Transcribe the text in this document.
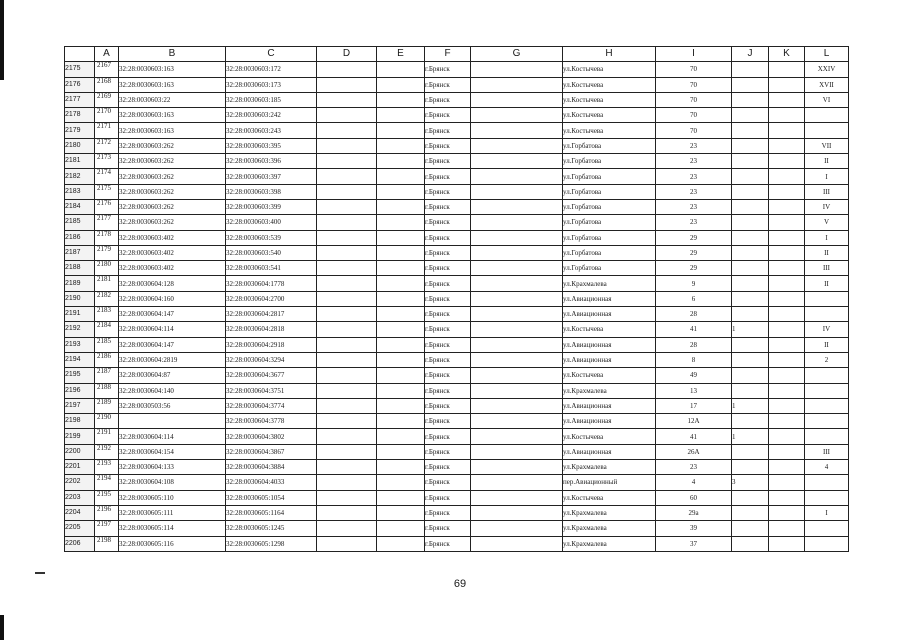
	A	B	C	D	E	F	G	H	I	J	K	L
2175	2167	32:28:0030603:163	32:28:0030603:172			г.Брянск		ул.Костычева	70			XXIV
2176	2168	32:28:0030603:163	32:28:0030603:173			г.Брянск		ул.Костычева	70			XVII
2177	2169	32:28:0030603:22	32:28:0030603:185			г.Брянск		ул.Костычева	70			VI
2178	2170	32:28:0030603:163	32:28:0030603:242			г.Брянск		ул.Костычева	70			
2179	2171	32:28:0030603:163	32:28:0030603:243			г.Брянск		ул.Костычева	70			
2180	2172	32:28:0030603:262	32:28:0030603:395			г.Брянск		ул.Горбатова	23			VII
2181	2173	32:28:0030603:262	32:28:0030603:396			г.Брянск		ул.Горбатова	23			II
2182	2174	32:28:0030603:262	32:28:0030603:397			г.Брянск		ул.Горбатова	23			I
2183	2175	32:28:0030603:262	32:28:0030603:398			г.Брянск		ул.Горбатова	23			III
2184	2176	32:28:0030603:262	32:28:0030603:399			г.Брянск		ул.Горбатова	23			IV
2185	2177	32:28:0030603:262	32:28:0030603:400			г.Брянск		ул.Горбатова	23			V
2186	2178	32:28:0030603:402	32:28:0030603:539			г.Брянск		ул.Горбатова	29			I
2187	2179	32:28:0030603:402	32:28:0030603:540			г.Брянск		ул.Горбатова	29			II
2188	2180	32:28:0030603:402	32:28:0030603:541			г.Брянск		ул.Горбатова	29			III
2189	2181	32:28:0030604:128	32:28:0030604:1778			г.Брянск		ул.Крахмалева	9			II
2190	2182	32:28:0030604:160	32:28:0030604:2700			г.Брянск		ул.Авиационная	6			
2191	2183	32:28:0030604:147	32:28:0030604:2817			г.Брянск		ул.Авиационная	28			
2192	2184	32:28:0030604:114	32:28:0030604:2818			г.Брянск		ул.Костычева	41	1		IV
2193	2185	32:28:0030604:147	32:28:0030604:2918			г.Брянск		ул.Авиационная	28			II
2194	2186	32:28:0030604:2819	32:28:0030604:3294			г.Брянск		ул.Авиационная	8			2
2195	2187	32:28:0030604:87	32:28:0030604:3677			г.Брянск		ул.Костычева	49			
2196	2188	32:28:0030604:140	32:28:0030604:3751			г.Брянск		ул.Крахмалева	13			
2197	2189	32:28:0030503:56	32:28:0030604:3774			г.Брянск		ул.Авиационная	17	1		
2198	2190		32:28:0030604:3778			г.Брянск		ул.Авиационная	12А			
2199	2191	32:28:0030604:114	32:28:0030604:3802			г.Брянск		ул.Костычева	41	1		
2200	2192	32:28:0030604:154	32:28:0030604:3867			г.Брянск		ул.Авиационная	26А			III
2201	2193	32:28:0030604:133	32:28:0030604:3884			г.Брянск		ул.Крахмалева	23			4
2202	2194	32:28:0030604:108	32:28:0030604:4033			г.Брянск		пер.Авиационный	4	3		
2203	2195	32:28:0030605:110	32:28:0030605:1054			г.Брянск		ул.Костычева	60			
2204	2196	32:28:0030605:111	32:28:0030605:1164			г.Брянск		ул.Крахмалева	29а			I
2205	2197	32:28:0030605:114	32:28:0030605:1245			г.Брянск		ул.Крахмалева	39			
2206	2198	32:28:0030605:116	32:28:0030605:1298			г.Брянск		ул.Крахмалева	37			
69
